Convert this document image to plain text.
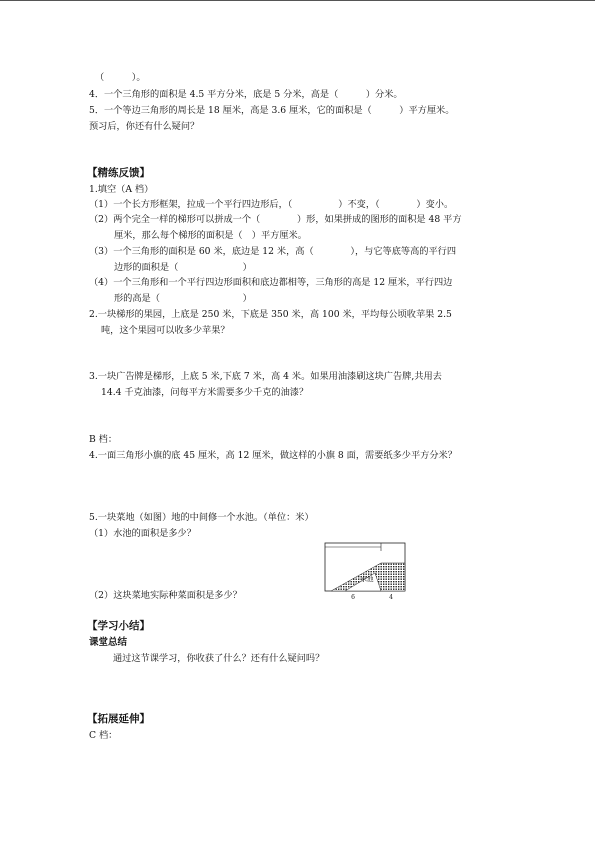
（　　　）。
4．一个三角形的面积是 4.5 平方分米，底是 5 分米，高是（　　　）分米。
5．一个等边三角形的周长是 18 厘米，高是 3.6 厘米，它的面积是（　　　）平方厘米。
预习后，你还有什么疑问？
【精练反馈】
1.填空（A 档）
（1）一个长方形框架，拉成一个平行四边形后，（　　　　　）不变，（　　　　）变小。
（2）两个完全一样的梯形可以拼成一个（　　　　）形，如果拼成的图形的面积是 48 平方
厘米，那么每个梯形的面积是（　）平方厘米。
（3）一个三角形的面积是 60 米，底边是 12 米，高（　　　　），与它等底等高的平行四
边形的面积是（　　　　　　　）
（4）一个三角形和一个平行四边形面积和底边都相等，三角形的高是 12 厘米，平行四边
形的高是（　　　　　　　　　）
2.一块梯形的果园，上底是 250 米，下底是 350 米，高 100 米，平均每公顷收苹果 2.5
吨，这个果园可以收多少苹果？
3.一块广告牌是梯形，上底 5 米,下底 7 米，高 4 米。如果用油漆刷这块广告牌,共用去
14.4 千克油漆，问每平方米需要多少千克的油漆？
B 档：
4.一面三角形小旗的底 45 厘米，高 12 厘米，做这样的小旗 8 面，需要纸多少平方分米？
5.一块菜地（如图）地的中间修一个水池。（单位：米）
（1）水池的面积是多少？
（2）这块菜地实际种菜面积是多少？
水池
6	4
【学习小结】
课堂总结
通过这节课学习，你收获了什么？还有什么疑问吗？
【拓展延伸】
C 档：
